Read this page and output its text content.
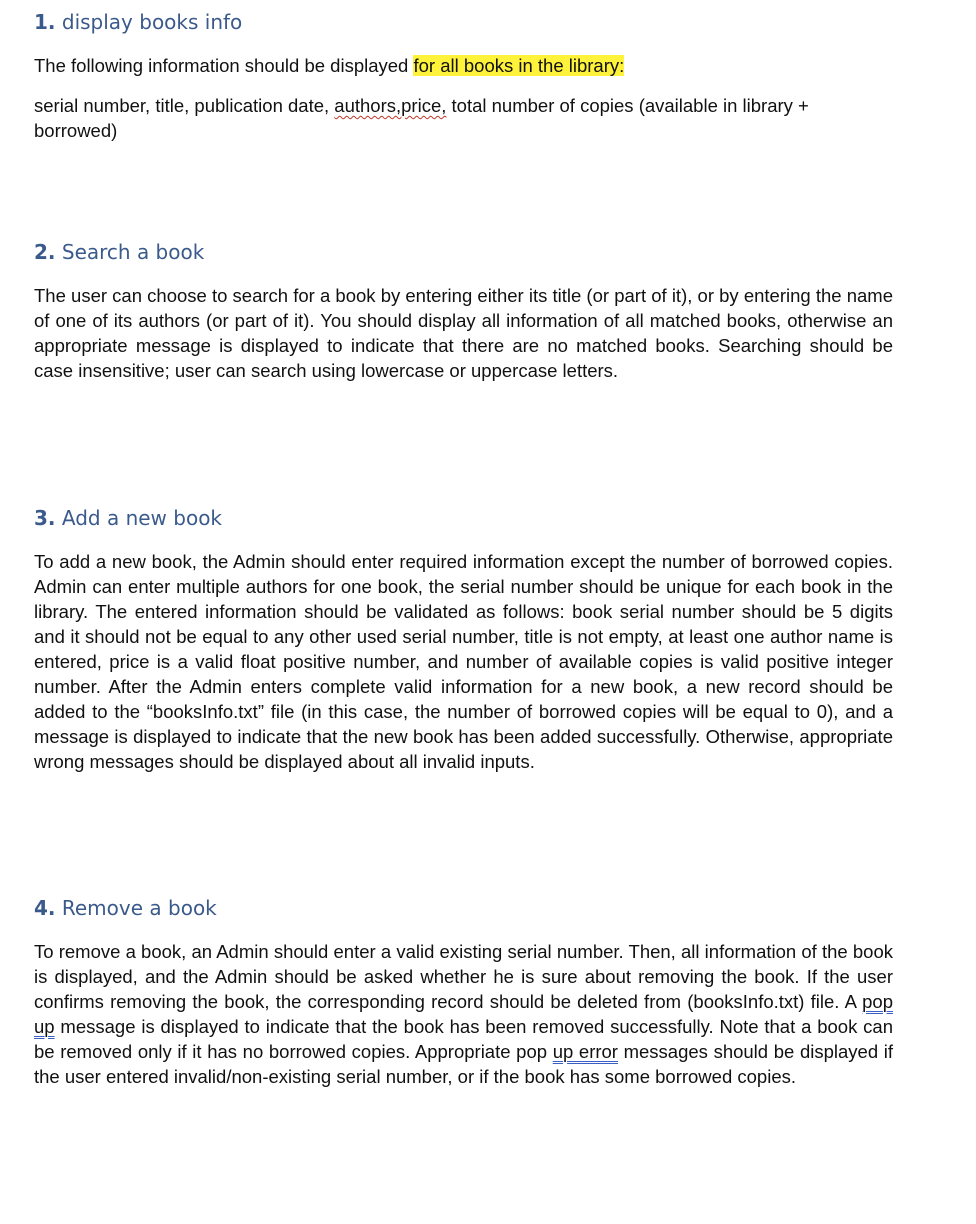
1. display books info

The following information should be displayed for all books in the library:

serial number, title, publication date, authors,price, total number of copies (available in library + borrowed)

2. Search a book

The user can choose to search for a book by entering either its title (or part of it), or by entering the name of one of its authors (or part of it). You should display all information of all matched books, otherwise an appropriate message is displayed to indicate that there are no matched books. Searching should be case insensitive; user can search using lowercase or uppercase letters.

3. Add a new book

To add a new book, the Admin should enter required information except the number of borrowed copies. Admin can enter multiple authors for one book, the serial number should be unique for each book in the library. The entered information should be validated as follows: book serial number should be 5 digits and it should not be equal to any other used serial number, title is not empty, at least one author name is entered, price is a valid float positive number, and number of available copies is valid positive integer number. After the Admin enters complete valid information for a new book, a new record should be added to the “booksInfo.txt” file (in this case, the number of borrowed copies will be equal to 0), and a message is displayed to indicate that the new book has been added successfully. Otherwise, appropriate wrong messages should be displayed about all invalid inputs.

4. Remove a book

To remove a book, an Admin should enter a valid existing serial number. Then, all information of the book is displayed, and the Admin should be asked whether he is sure about removing the book. If the user confirms removing the book, the corresponding record should be deleted from (booksInfo.txt) file. A pop up message is displayed to indicate that the book has been removed successfully. Note that a book can be removed only if it has no borrowed copies. Appropriate pop up error messages should be displayed if the user entered invalid/non-existing serial number, or if the book has some borrowed copies.
